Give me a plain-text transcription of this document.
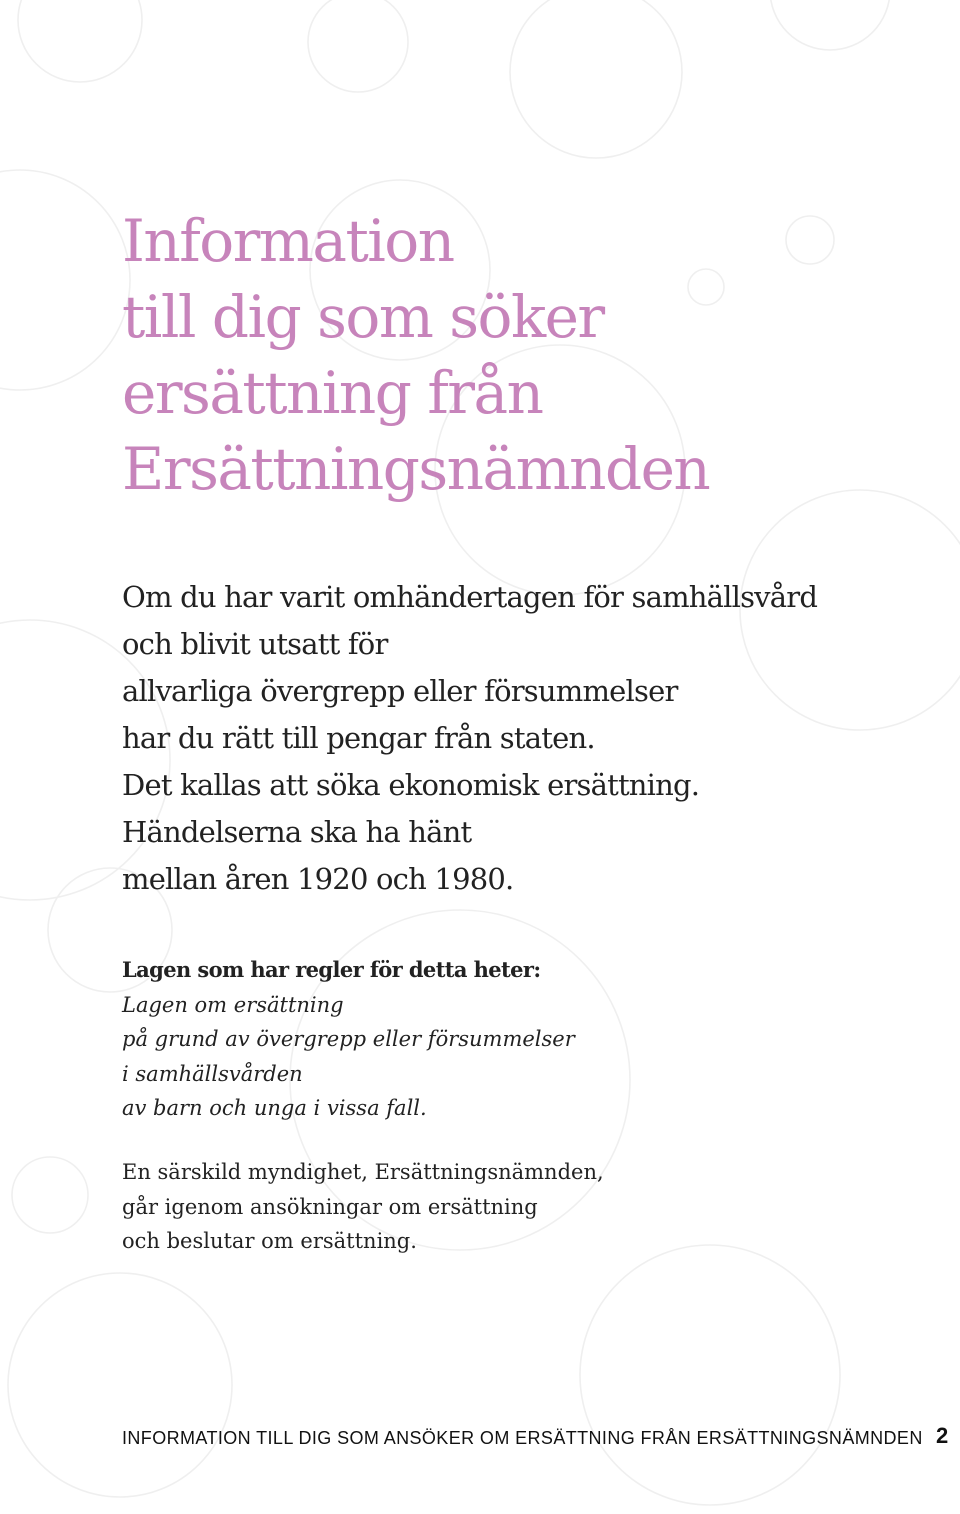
Information
till dig som söker
ersättning från
Ersättningsnämnden
Om du har varit omhändertagen för samhällsvård
och blivit utsatt för
allvarliga övergrepp eller försummelser
har du rätt till pengar från staten.
Det kallas att söka ekonomisk ersättning.
Händelserna ska ha hänt
mellan åren 1920 och 1980.
Lagen som har regler för detta heter:
Lagen om ersättning
på grund av övergrepp eller försummelser
i samhällsvården
av barn och unga i vissa fall.
En särskild myndighet, Ersättningsnämnden,
går igenom ansökningar om ersättning
och beslutar om ersättning.
INFORMATION TILL DIG SOM ANSÖKER OM ERSÄTTNING FRÅN ERSÄTTNINGSNÄMNDEN 2
